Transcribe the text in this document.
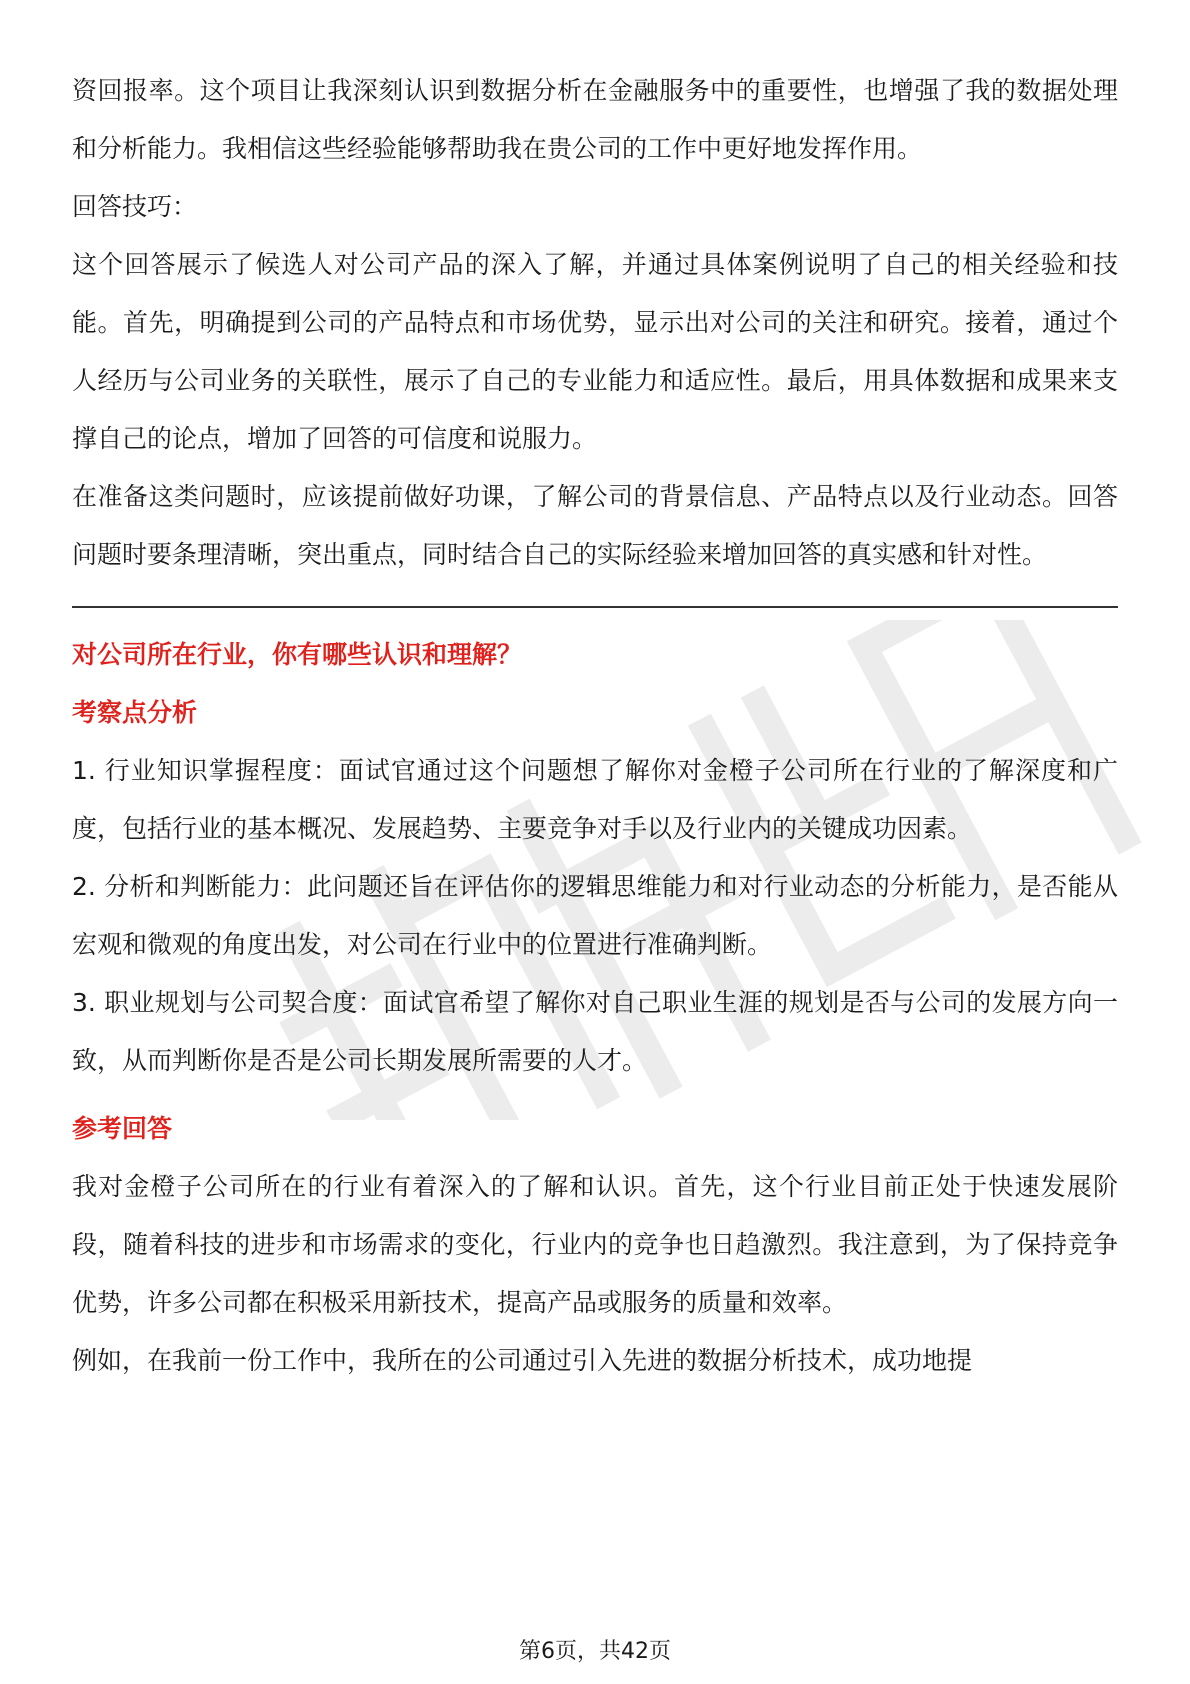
资回报率。这个项目让我深刻认识到数据分析在金融服务中的重要性，也增强了我的数据处理和分析能力。我相信这些经验能够帮助我在贵公司的工作中更好地发挥作用。

回答技巧：

这个回答展示了候选人对公司产品的深入了解，并通过具体案例说明了自己的相关经验和技能。首先，明确提到公司的产品特点和市场优势，显示出对公司的关注和研究。接着，通过个人经历与公司业务的关联性，展示了自己的专业能力和适应性。最后，用具体数据和成果来支撑自己的论点，增加了回答的可信度和说服力。

在准备这类问题时，应该提前做好功课，了解公司的背景信息、产品特点以及行业动态。回答问题时要条理清晰，突出重点，同时结合自己的实际经验来增加回答的真实感和针对性。

对公司所在行业，你有哪些认识和理解？

考察点分析

1. 行业知识掌握程度：面试官通过这个问题想了解你对金橙子公司所在行业的了解深度和广度，包括行业的基本概况、发展趋势、主要竞争对手以及行业内的关键成功因素。

2. 分析和判断能力：此问题还旨在评估你的逻辑思维能力和对行业动态的分析能力，是否能从宏观和微观的角度出发，对公司在行业中的位置进行准确判断。

3. 职业规划与公司契合度：面试官希望了解你对自己职业生涯的规划是否与公司的发展方向一致，从而判断你是否是公司长期发展所需要的人才。

参考回答

我对金橙子公司所在的行业有着深入的了解和认识。首先，这个行业目前正处于快速发展阶段，随着科技的进步和市场需求的变化，行业内的竞争也日趋激烈。我注意到，为了保持竞争优势，许多公司都在积极采用新技术，提高产品或服务的质量和效率。

例如，在我前一份工作中，我所在的公司通过引入先进的数据分析技术，成功地提

第6页，共42页
